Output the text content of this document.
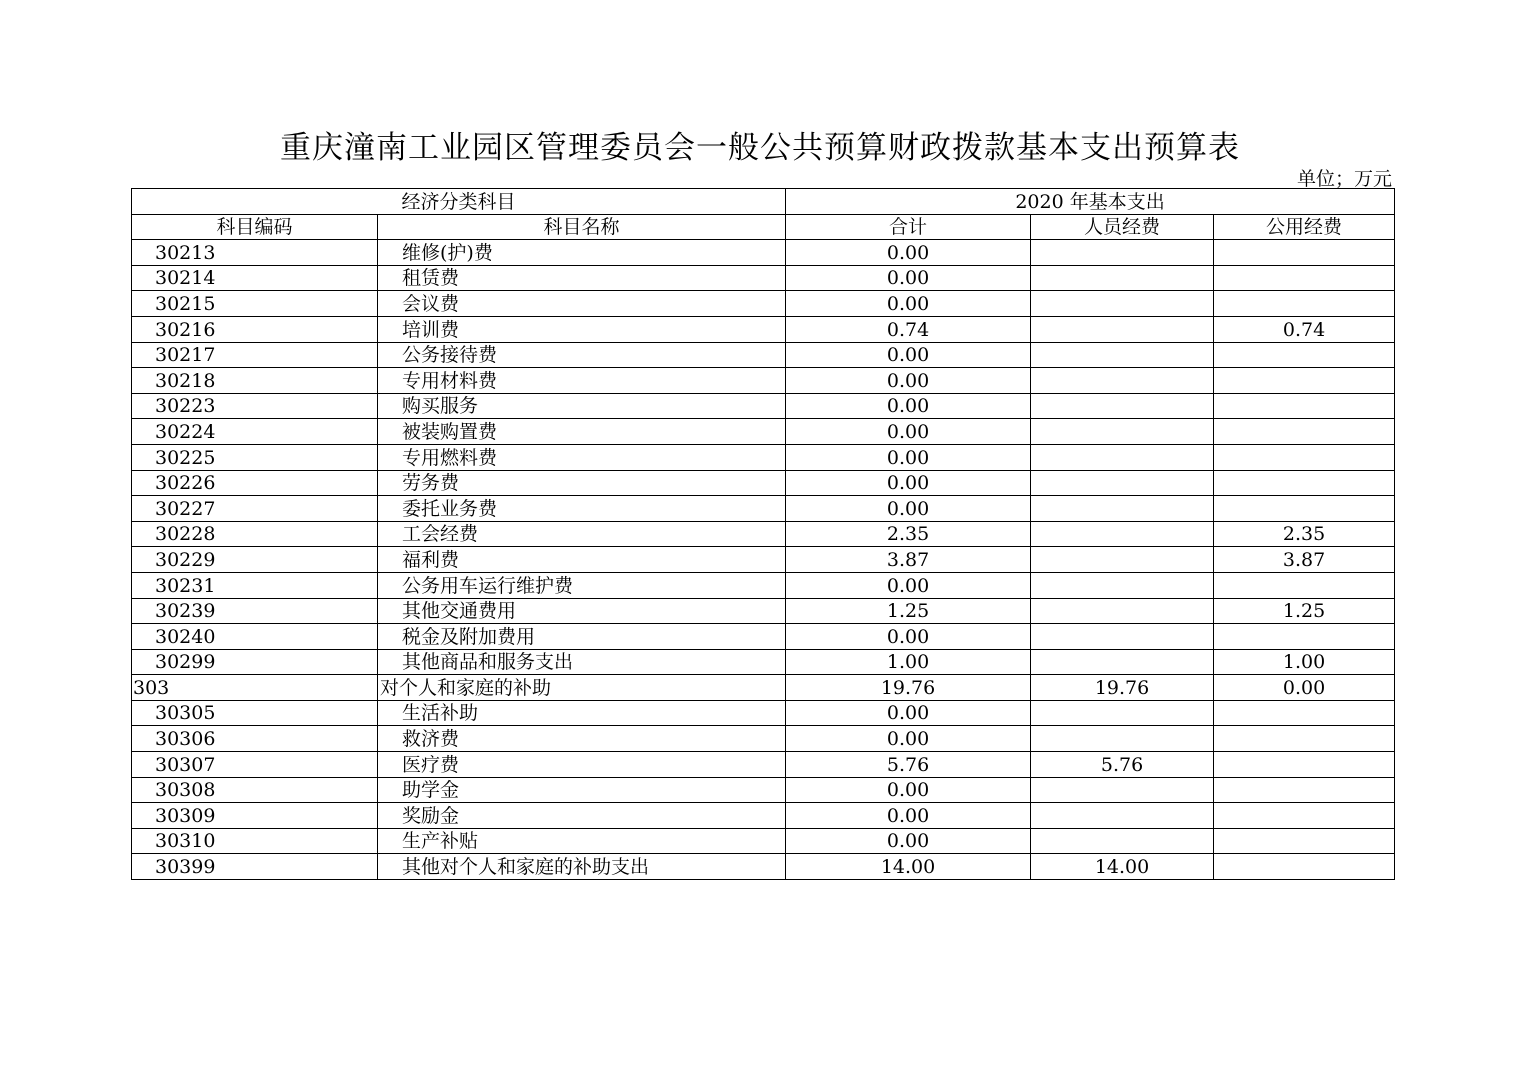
重庆潼南工业园区管理委员会一般公共预算财政拨款基本支出预算表
单位；万元
经济分类科目		2020 年基本支出		
科目编码	科目名称	合计	人员经费	公用经费
30213	维修(护)费	0.00		
30214	租赁费	0.00		
30215	会议费	0.00		
30216	培训费	0.74		0.74
30217	公务接待费	0.00		
30218	专用材料费	0.00		
30223	购买服务	0.00		
30224	被装购置费	0.00		
30225	专用燃料费	0.00		
30226	劳务费	0.00		
30227	委托业务费	0.00		
30228	工会经费	2.35		2.35
30229	福利费	3.87		3.87
30231	公务用车运行维护费	0.00		
30239	其他交通费用	1.25		1.25
30240	税金及附加费用	0.00		
30299	其他商品和服务支出	1.00		1.00
303	对个人和家庭的补助	19.76	19.76	0.00
30305	生活补助	0.00		
30306	救济费	0.00		
30307	医疗费	5.76	5.76	
30308	助学金	0.00		
30309	奖励金	0.00		
30310	生产补贴	0.00		
30399	其他对个人和家庭的补助支出	14.00	14.00	
